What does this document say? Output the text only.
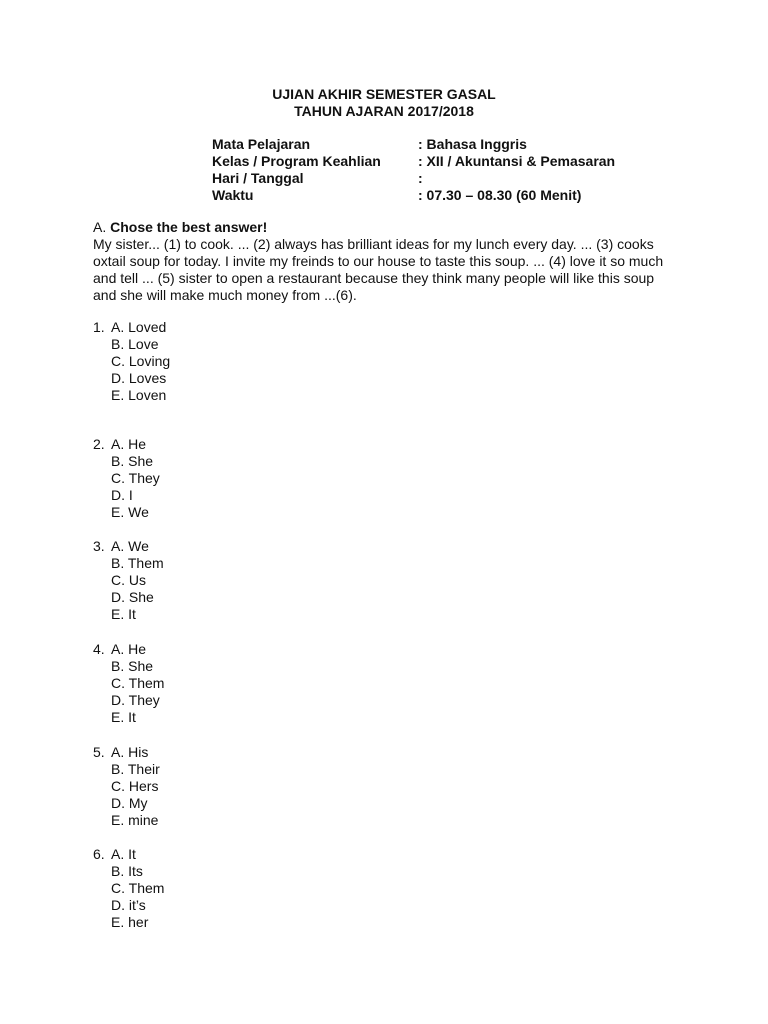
UJIAN AKHIR SEMESTER GASAL
TAHUN AJARAN 2017/2018
Mata Pelajaran	: Bahasa Inggris
Kelas / Program Keahlian	: XII / Akuntansi & Pemasaran
Hari / Tanggal	:
Waktu	: 07.30 – 08.30 (60 Menit)
A. Chose the best answer!
My sister... (1) to cook. ... (2) always has brilliant ideas for my lunch every day. ... (3) cooks
oxtail soup for today. I invite my freinds to our house to taste this soup. ... (4) love it so much
and tell ... (5) sister to open a restaurant because they think many people will like this soup
and she will make much money from ...(6).
1. A. Loved
B. Love
C. Loving
D. Loves
E. Loven
2. A. He
B. She
C. They
D. I
E. We
3. A. We
B. Them
C. Us
D. She
E. It
4. A. He
B. She
C. Them
D. They
E. It
5. A. His
B. Their
C. Hers
D. My
E. mine
6. A. It
B. Its
C. Them
D. it’s
E. her
